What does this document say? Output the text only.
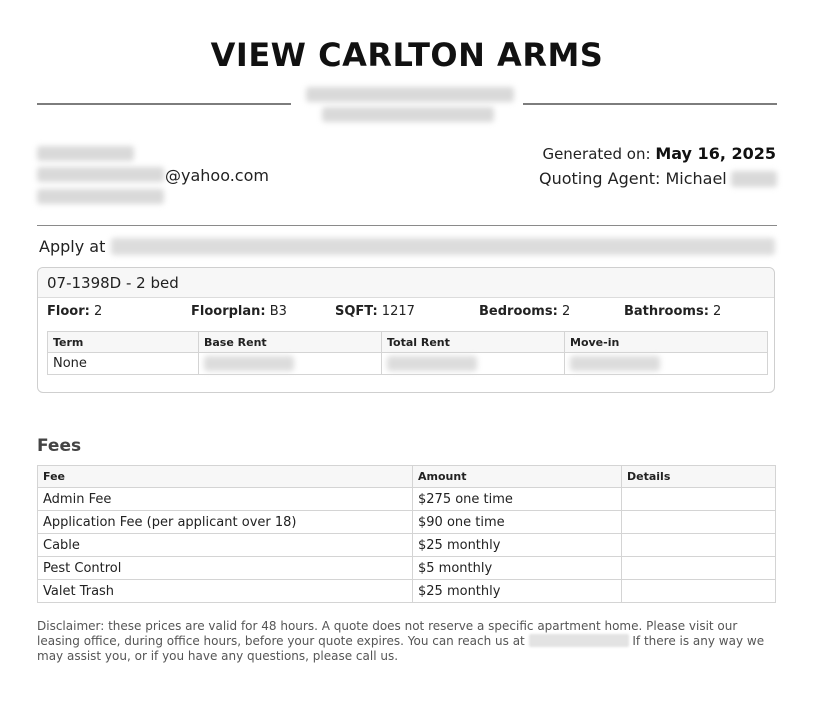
VIEW CARLTON ARMS
@yahoo.com
Generated on: May 16, 2025
Quoting Agent: Michael
Apply at
07-1398D - 2 bed
Floor: 2	Floorplan: B3	SQFT: 1217	Bedrooms: 2	Bathrooms: 2
Term	Base Rent	Total Rent	Move-in
None	

Fees
Fee	Amount	Details
Admin Fee	$275 one time	
Application Fee (per applicant over 18)	$90 one time	
Cable	$25 monthly	
Pest Control	$5 monthly	
Valet Trash	$25 monthly	
Disclaimer: these prices are valid for 48 hours. A quote does not reserve a specific apartment home. Please visit our leasing office, during office hours, before your quote expires. You can reach us at	If there is any way we may assist you, or if you have any questions, please call us.
